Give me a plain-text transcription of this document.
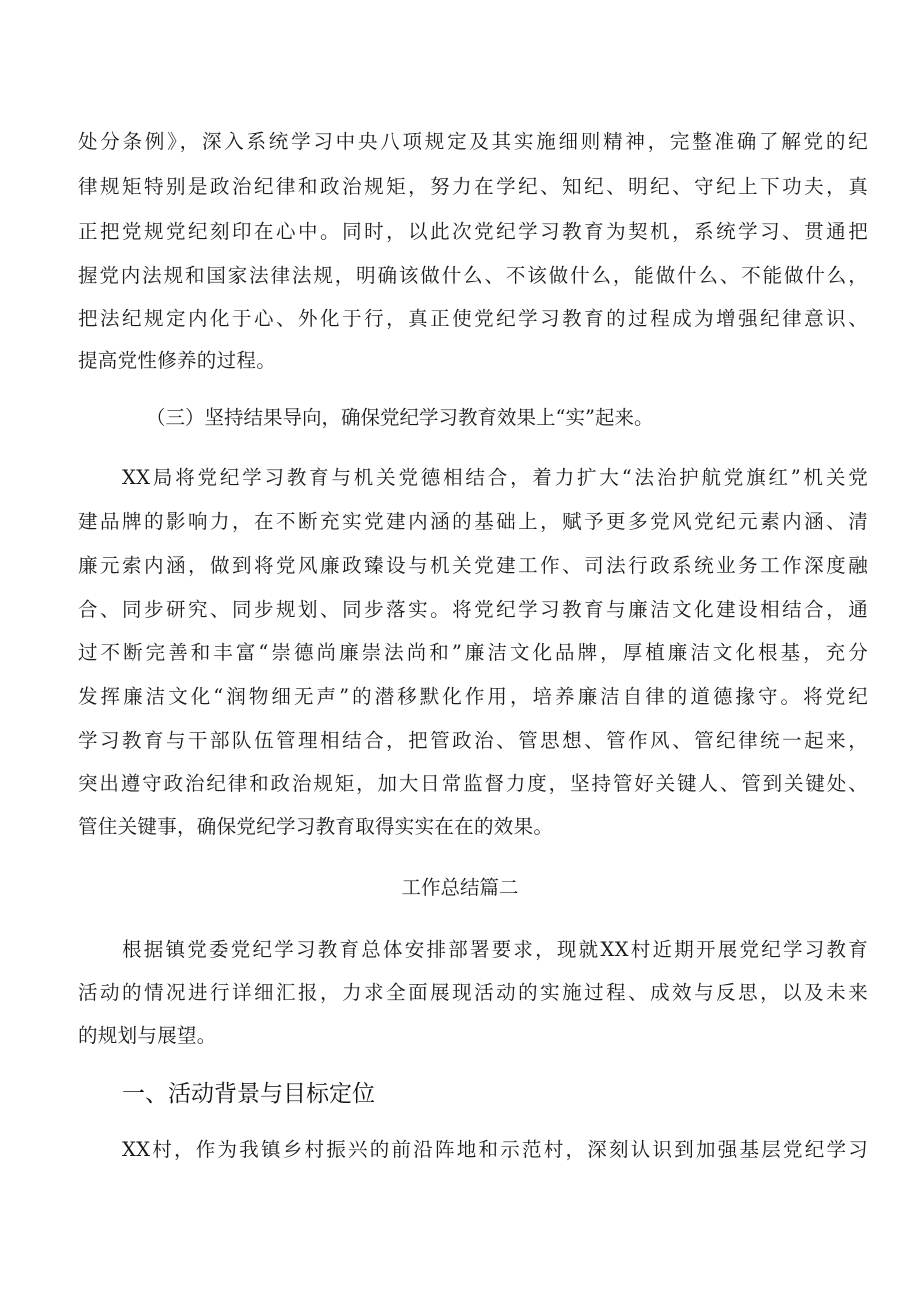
处分条例》，深入系统学习中央八项规定及其实施细则精神，完整准确了解党的纪
律规矩特别是政治纪律和政治规矩，努力在学纪、知纪、明纪、守纪上下功夫，真
正把党规党纪刻印在心中。同时，以此次党纪学习教育为契机，系统学习、贯通把
握党内法规和国家法律法规，明确该做什么、不该做什么，能做什么、不能做什么，
把法纪规定内化于心、外化于行，真正使党纪学习教育的过程成为增强纪律意识、
提高党性修养的过程。
（三）坚持结果导向，确保党纪学习教育效果上“实”起来。
XX局将党纪学习教育与机关党德相结合，着力扩大“法治护航党旗红”机关党
建品牌的影响力，在不断充实党建内涵的基础上，赋予更多党风党纪元素内涵、清
廉元索内涵，做到将党风廉政臻设与机关党建工作、司法行政系统业务工作深度融
合、同步研究、同步规划、同步落实。将党纪学习教育与廉洁文化建设相结合，通
过不断完善和丰富“崇德尚廉崇法尚和”廉洁文化品牌，厚植廉洁文化根基，充分
发挥廉洁文化“润物细无声”的潜移默化作用，培养廉洁自律的道德掾守。将党纪
学习教育与干部队伍管理相结合，把管政治、管思想、管作风、管纪律统一起来，
突出遵守政治纪律和政治规矩，加大日常监督力度，坚持管好关键人、管到关键处、
管住关键事，确保党纪学习教育取得实实在在的效果。
工作总结篇二
根据镇党委党纪学习教育总体安排部署要求，现就XX村近期开展党纪学习教育
活动的情况进行详细汇报，力求全面展现活动的实施过程、成效与反思，以及未来
的规划与展望。
一、活动背景与目标定位
XX村，作为我镇乡村振兴的前沿阵地和示范村，深刻认识到加强基层党纪学习
